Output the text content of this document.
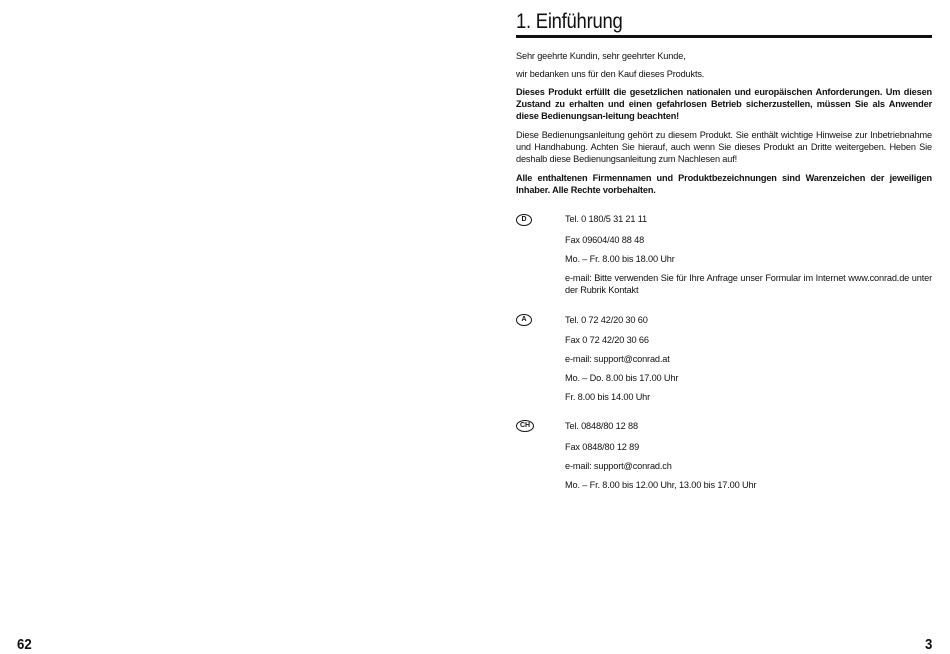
62	3
1. Einführung
Sehr geehrte Kundin, sehr geehrter Kunde,
wir bedanken uns für den Kauf dieses Produkts.
Dieses Produkt erfüllt die gesetzlichen nationalen und europäischen Anforderungen. Um diesen Zustand zu erhalten und einen gefahrlosen Betrieb sicherzustellen, müssen Sie als Anwender diese Bedienungsan-leitung beachten!
Diese Bedienungsanleitung gehört zu diesem Produkt. Sie enthält wichtige Hinweise zur Inbetriebnahme und Handhabung. Achten Sie hierauf, auch wenn Sie dieses Produkt an Dritte weitergeben. Heben Sie deshalb diese Bedienungsanleitung zum Nachlesen auf!
Alle enthaltenen Firmennamen und Produktbezeichnungen sind Warenzeichen der jeweiligen Inhaber. Alle Rechte vorbehalten.
D	Tel. 0 180/5 31 21 11
Fax 09604/40 88 48
Mo. – Fr. 8.00 bis 18.00 Uhr
e-mail: Bitte verwenden Sie für Ihre Anfrage unser Formular im Internet www.conrad.de unter der Rubrik Kontakt
A	Tel. 0 72 42/20 30 60
Fax 0 72 42/20 30 66
e-mail: support@conrad.at
Mo. – Do. 8.00 bis 17.00 Uhr
Fr. 8.00 bis 14.00 Uhr
CH	Tel. 0848/80 12 88
Fax 0848/80 12 89
e-mail: support@conrad.ch
Mo. – Fr. 8.00 bis 12.00 Uhr, 13.00 bis 17.00 Uhr
